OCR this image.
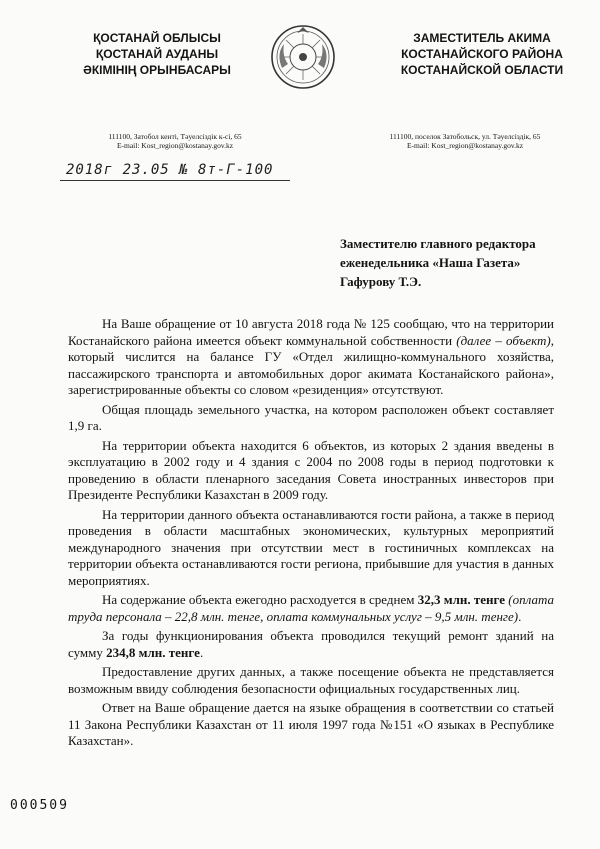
ҚОСТАНАЙ ОБЛЫСЫ
ҚОСТАНАЙ АУДАНЫ
ӘКІМІНІҢ ОРЫНБАСАРЫ
ЗАМЕСТИТЕЛЬ АКИМА
КОСТАНАЙСКОГО РАЙОНА
КОСТАНАЙСКОЙ ОБЛАСТИ
111100, Затобол кенті, Тәуелсіздік к-сі, 65
E-mail: Kost_region@kostanay.gov.kz
111100, поселок Затобольск, ул. Тәуелсіздік, 65
E-mail: Kost_region@kostanay.gov.kz
2018г 23.05 № 8т-Г-100
Заместителю главного редактора
еженедельника «Наша Газета»
Гафурову Т.Э.

На Ваше обращение от 10 августа 2018 года № 125 сообщаю, что на территории Костанайского района имеется объект коммунальной собственности (далее – объект), который числится на балансе ГУ «Отдел жилищно-коммунального хозяйства, пассажирского транспорта и автомобильных дорог акимата Костанайского района», зарегистрированные объекты со словом «резиденция» отсутствуют.

Общая площадь земельного участка, на котором расположен объект составляет 1,9 га.

На территории объекта находится 6 объектов, из которых 2 здания введены в эксплуатацию в 2002 году и 4 здания с 2004 по 2008 годы в период подготовки к проведению в области пленарного заседания Совета иностранных инвесторов при Президенте Республики Казахстан в 2009 году.

На территории данного объекта останавливаются гости района, а также в период проведения в области масштабных экономических, культурных мероприятий международного значения при отсутствии мест в гостиничных комплексах на территории объекта останавливаются гости региона, прибывшие для участия в данных мероприятиях.

На содержание объекта ежегодно расходуется в среднем 32,3 млн. тенге (оплата труда персонала – 22,8 млн. тенге, оплата коммунальных услуг – 9,5 млн. тенге).

За годы функционирования объекта проводился текущий ремонт зданий на сумму 234,8 млн. тенге.

Предоставление других данных, а также посещение объекта не представляется возможным ввиду соблюдения безопасности официальных государственных лиц.

Ответ на Ваше обращение дается на языке обращения в соответствии со статьей 11 Закона Республики Казахстан от 11 июля 1997 года №151 «О языках в Республике Казахстан».

000509
